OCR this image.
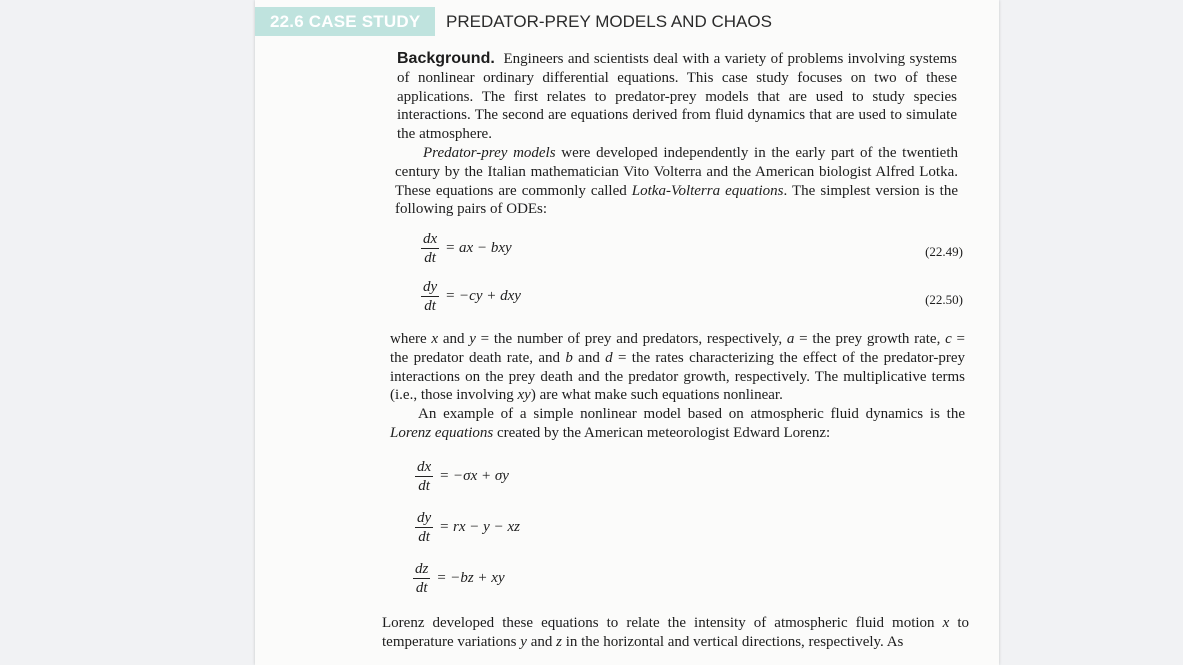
22.6 CASE STUDY	PREDATOR-PREY MODELS AND CHAOS

Background. Engineers and scientists deal with a variety of problems involving systems of nonlinear ordinary differential equations. This case study focuses on two of these applications. The first relates to predator-prey models that are used to study species interactions. The second are equations derived from fluid dynamics that are used to simulate the atmosphere.

Predator-prey models were developed independently in the early part of the twentieth century by the Italian mathematician Vito Volterra and the American biologist Alfred Lotka. These equations are commonly called Lotka-Volterra equations. The simplest version is the following pairs of ODEs:

$\frac{dx}{dt}$ = ax − bxy	(22.49)
$\frac{dy}{dt} = -cy$ + dxy	(22.50)

where x and y = the number of prey and predators, respectively, a = the prey growth rate, c = the predator death rate, and b and d = the rates characterizing the effect of the predator-prey interactions on the prey death and the predator growth, respectively. The multiplicative terms (i.e., those involving xy) are what make such equations nonlinear.
An example of a simple nonlinear model based on atmospheric fluid dynamics is the Lorenz equations created by the American meteorologist Edward Lorenz:

$\frac{dx}{dt} = -\sigma x + \sigma y$
$\frac{dy}{dt}$ = rx − y − xz
$\frac{dz}{dt} = -bz$ + xy

Lorenz developed these equations to relate the intensity of atmospheric fluid motion x to temperature variations y and z in the horizontal and vertical directions, respectively. As
